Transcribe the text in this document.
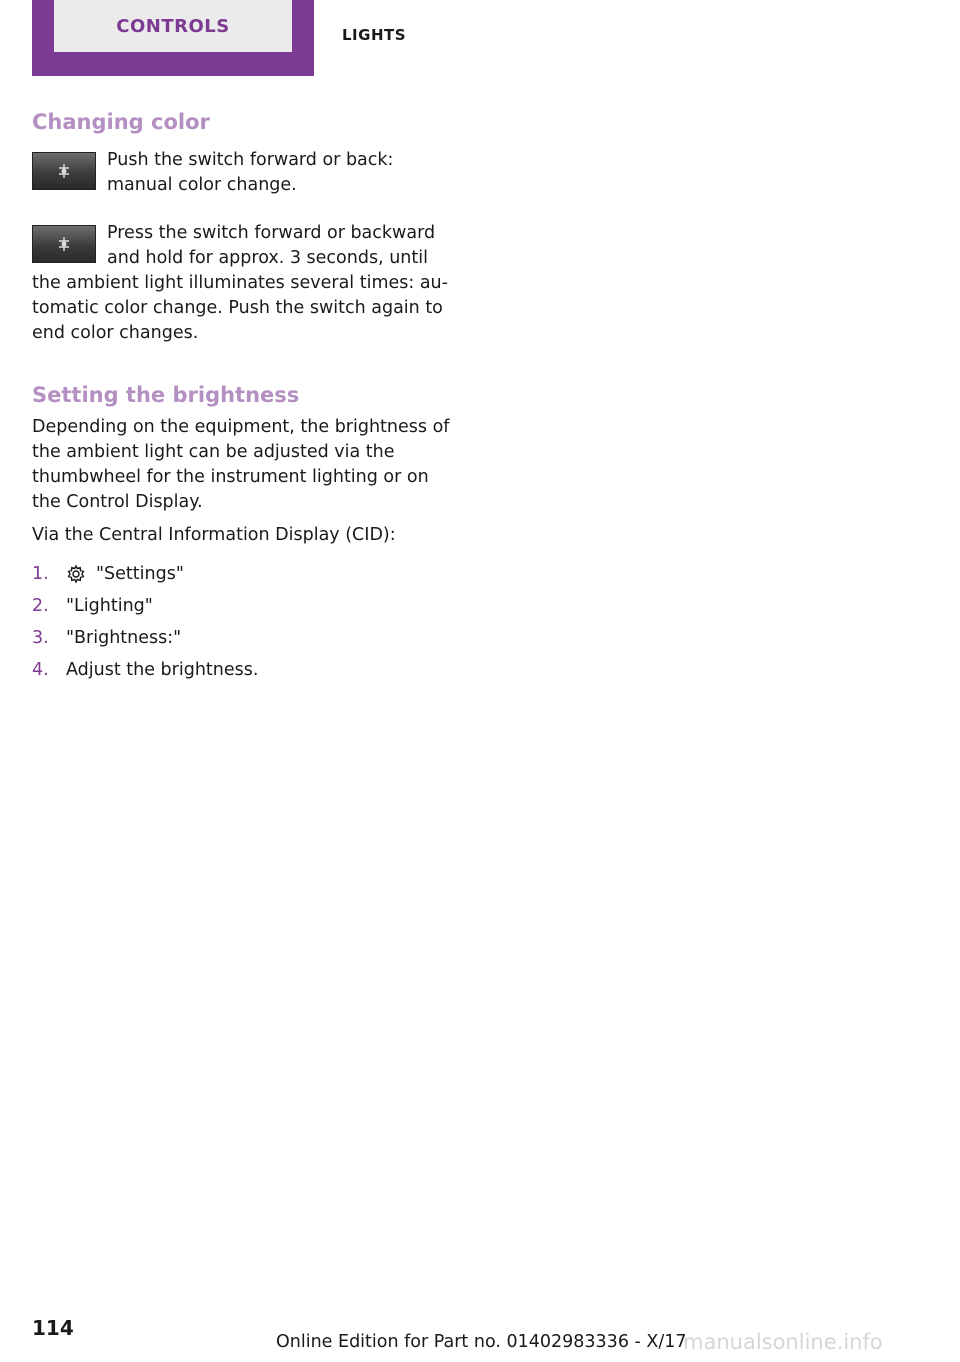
CONTROLS	LIGHTS
Changing color
Push the switch forward or back:
manual color change.
Press the switch forward or backward
and hold for approx. 3 seconds, until
the ambient light illuminates several times: au‐
tomatic color change. Push the switch again to
end color changes.
Setting the brightness
Depending on the equipment, the brightness of
the ambient light can be adjusted via the
thumbwheel for the instrument lighting or on
the Control Display.
Via the Central Information Display (CID):
1.	"Settings"
2. "Lighting"
3. "Brightness:"
4. Adjust the brightness.
114
Online Edition for Part no. 01402983336 - X/17
manualsonline.info
